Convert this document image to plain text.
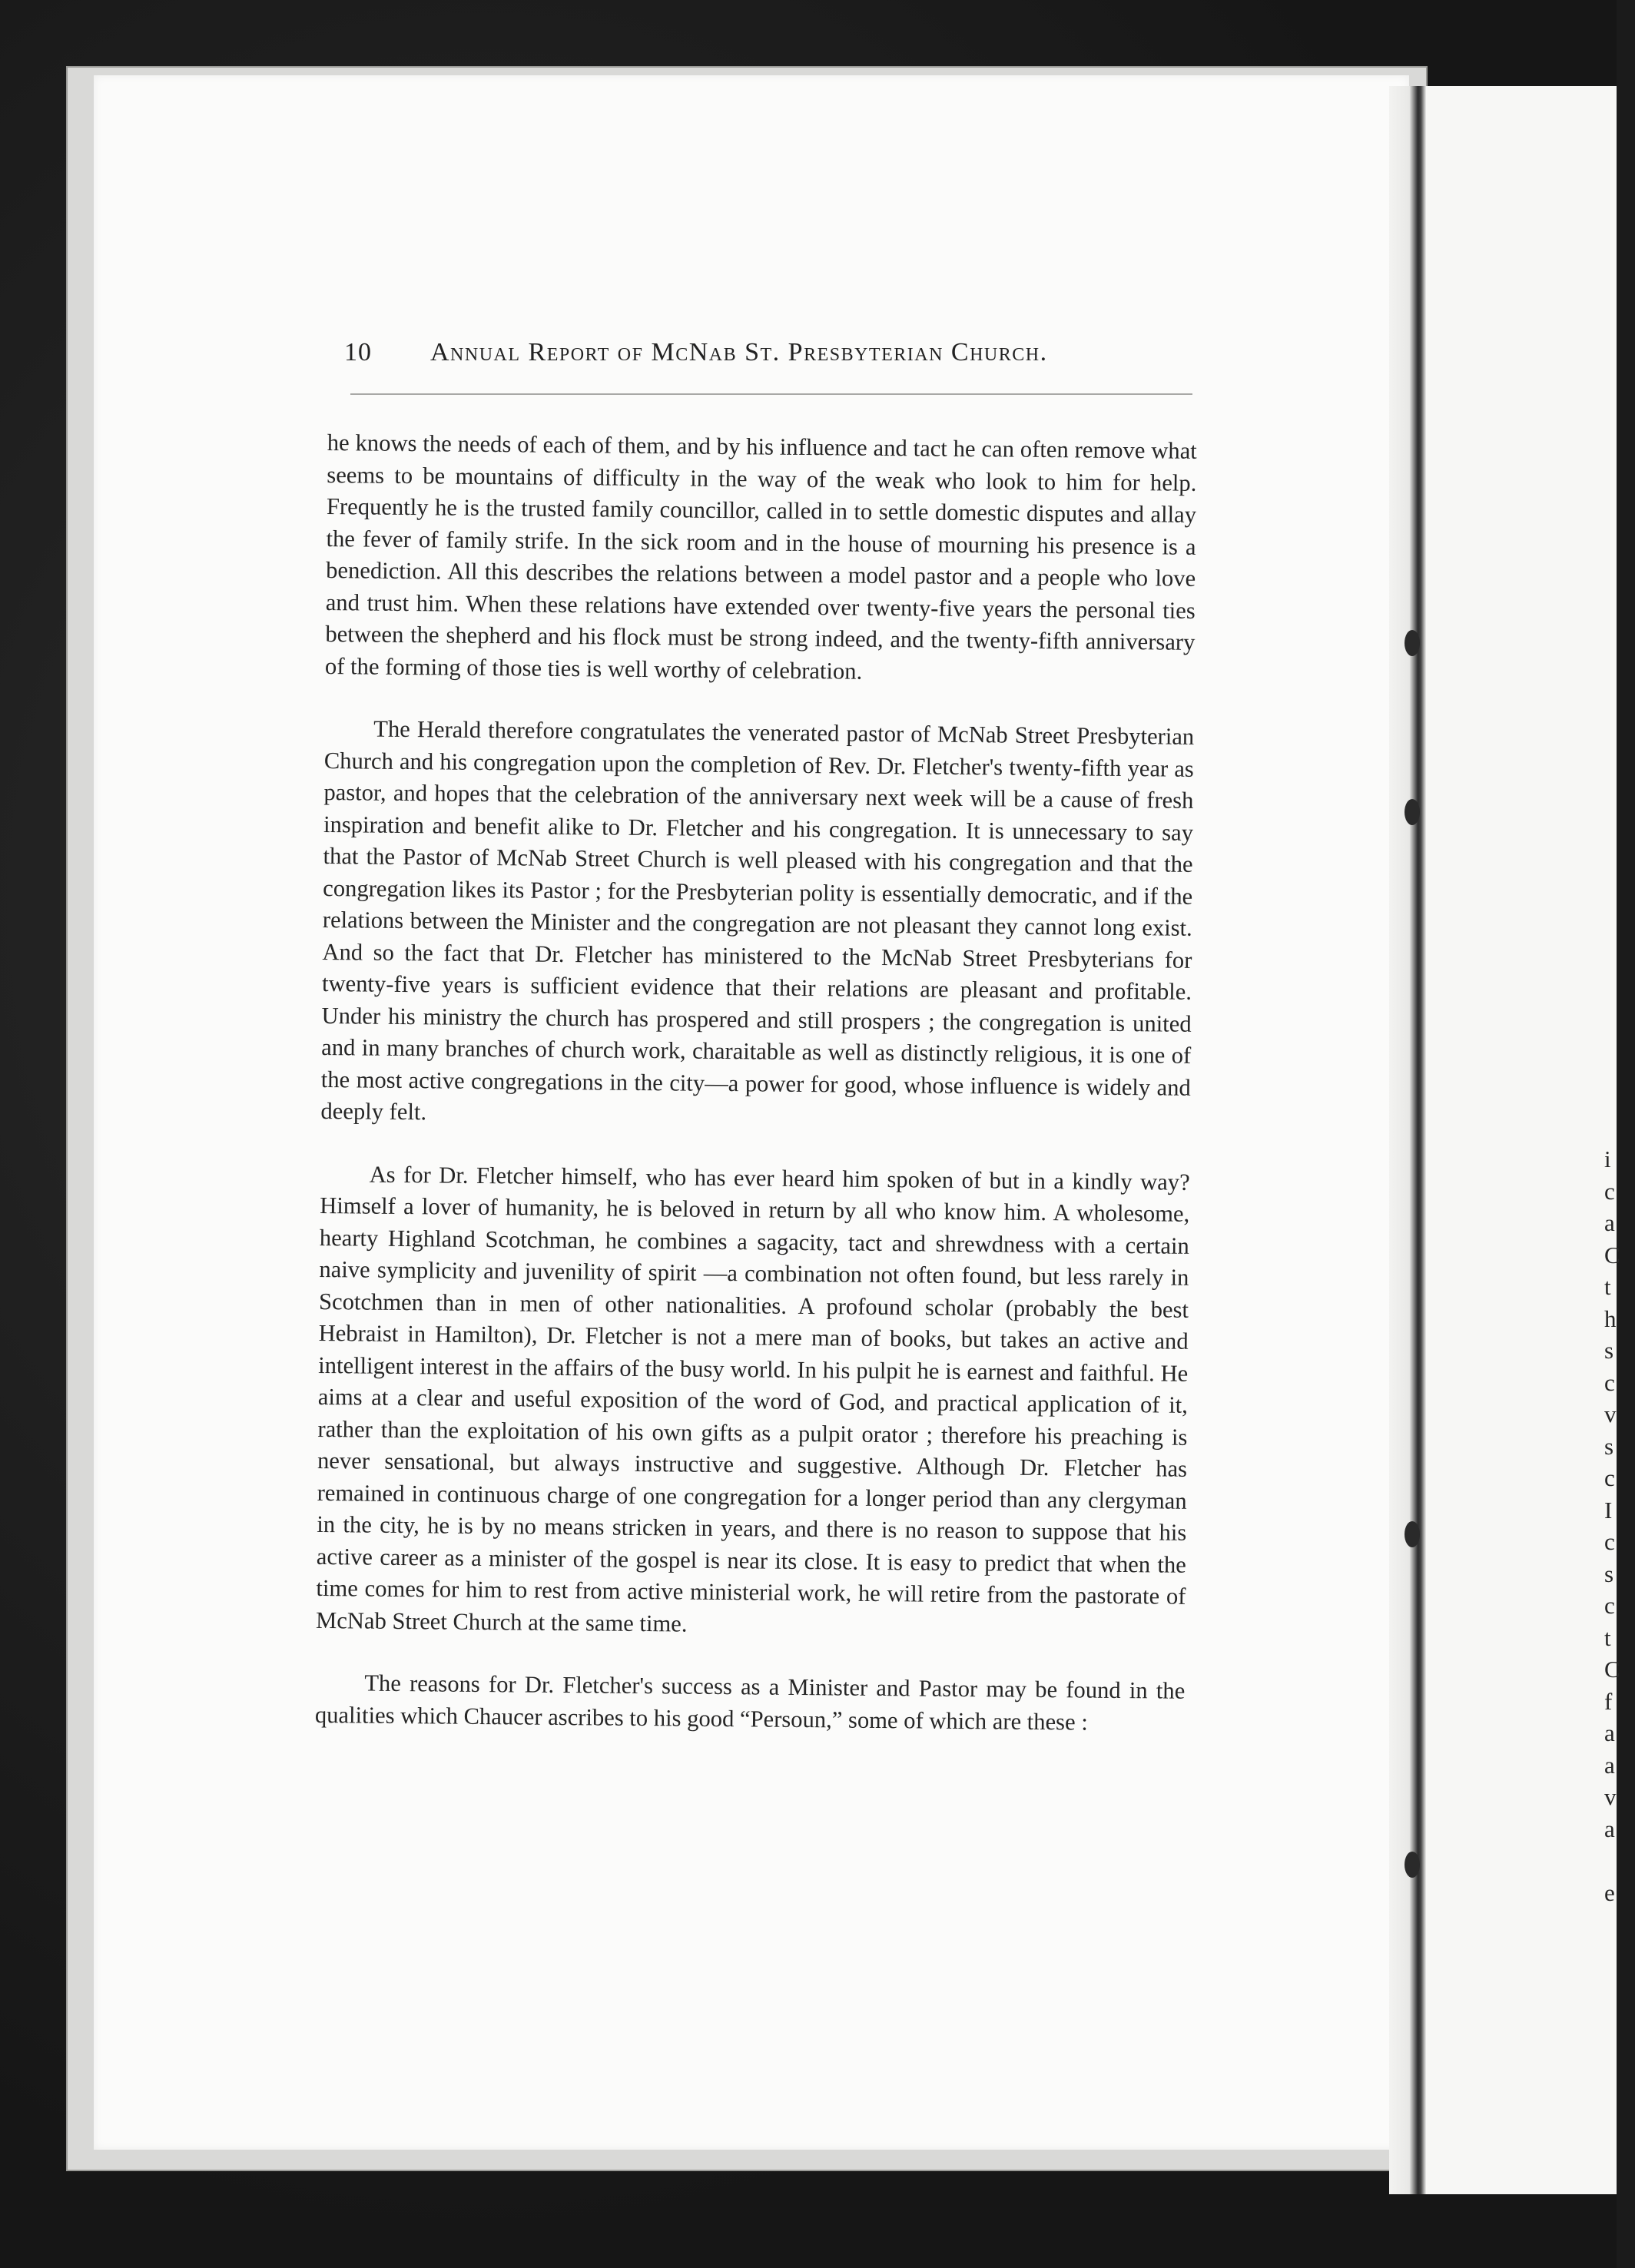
10 Annual Report of McNab St. Presbyterian Church.

he knows the needs of each of them, and by his influence and tact he can often remove what seems to be mountains of difficulty in the way of the weak who look to him for help. Frequently he is the trusted family councillor, called in to settle domestic disputes and allay the fever of family strife. In the sick room and in the house of mourning his presence is a benediction. All this describes the relations between a model pastor and a people who love and trust him. When these relations have extended over twenty-five years the personal ties between the shepherd and his flock must be strong indeed, and the twenty-fifth anniversary of the forming of those ties is well worthy of celebration.

The Herald therefore congratulates the venerated pastor of McNab Street Presbyterian Church and his congregation upon the completion of Rev. Dr. Fletcher's twenty-fifth year as pastor, and hopes that the celebration of the anniversary next week will be a cause of fresh inspiration and benefit alike to Dr. Fletcher and his congregation. It is unnecessary to say that the Pastor of McNab Street Church is well pleased with his congregation and that the congregation likes its Pastor ; for the Presbyterian polity is essentially democratic, and if the relations between the Minister and the congregation are not pleasant they cannot long exist. And so the fact that Dr. Fletcher has ministered to the McNab Street Presbyterians for twenty-five years is sufficient evidence that their relations are pleasant and profitable. Under his ministry the church has prospered and still prospers ; the congregation is united and in many branches of church work, charaitable as well as distinctly religious, it is one of the most active congregations in the city—a power for good, whose influence is widely and deeply felt.

As for Dr. Fletcher himself, who has ever heard him spoken of but in a kindly way? Himself a lover of humanity, he is beloved in return by all who know him. A wholesome, hearty Highland Scotchman, he combines a sagacity, tact and shrewdness with a certain naive symplicity and juvenility of spirit —a combination not often found, but less rarely in Scotchmen than in men of other nationalities. A profound scholar (probably the best Hebraist in Hamilton), Dr. Fletcher is not a mere man of books, but takes an active and intelligent interest in the affairs of the busy world. In his pulpit he is earnest and faithful. He aims at a clear and useful exposition of the word of God, and practical application of it, rather than the exploitation of his own gifts as a pulpit orator ; therefore his preaching is never sensational, but always instructive and suggestive. Although Dr. Fletcher has remained in continuous charge of one congregation for a longer period than any clergyman in the city, he is by no means stricken in years, and there is no reason to suppose that his active career as a minister of the gospel is near its close. It is easy to predict that when the time comes for him to rest from active ministerial work, he will retire from the pastorate of McNab Street Church at the same time.

The reasons for Dr. Fletcher's success as a Minister and Pastor may be found in the qualities which Chaucer ascribes to his good “Persoun,” some of which are these :

i
c
a
C
t
h
s
c
v
s
c
I
c
s
c
t
C
f
a
a
v
a

e
